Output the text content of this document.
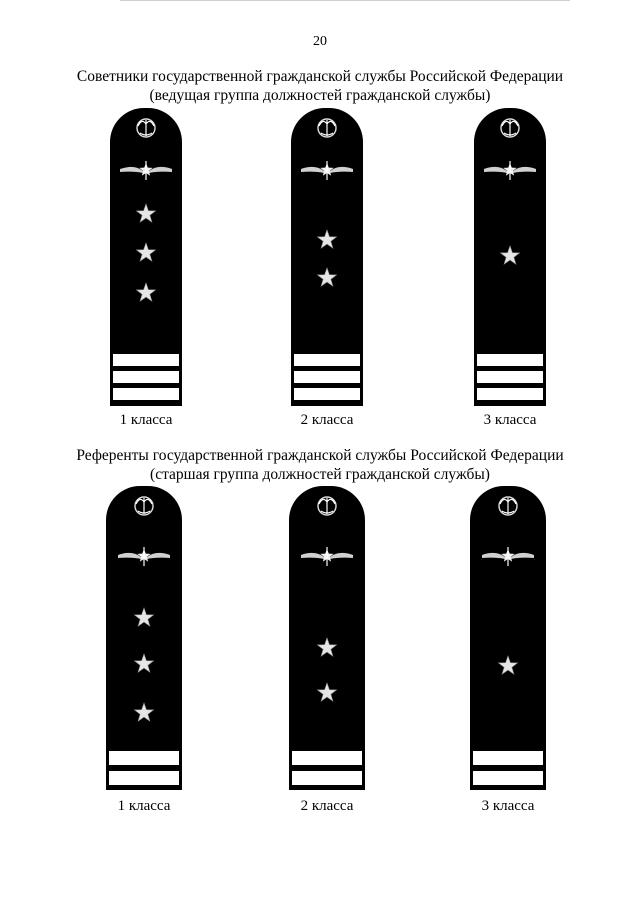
20
Советники государственной гражданской службы Российской Федерации
(ведущая группа должностей гражданской службы)
1 класса	2 класса	3 класса
Референты государственной гражданской службы Российской Федерации
(старшая группа должностей гражданской службы)
1 класса	2 класса	3 класса
